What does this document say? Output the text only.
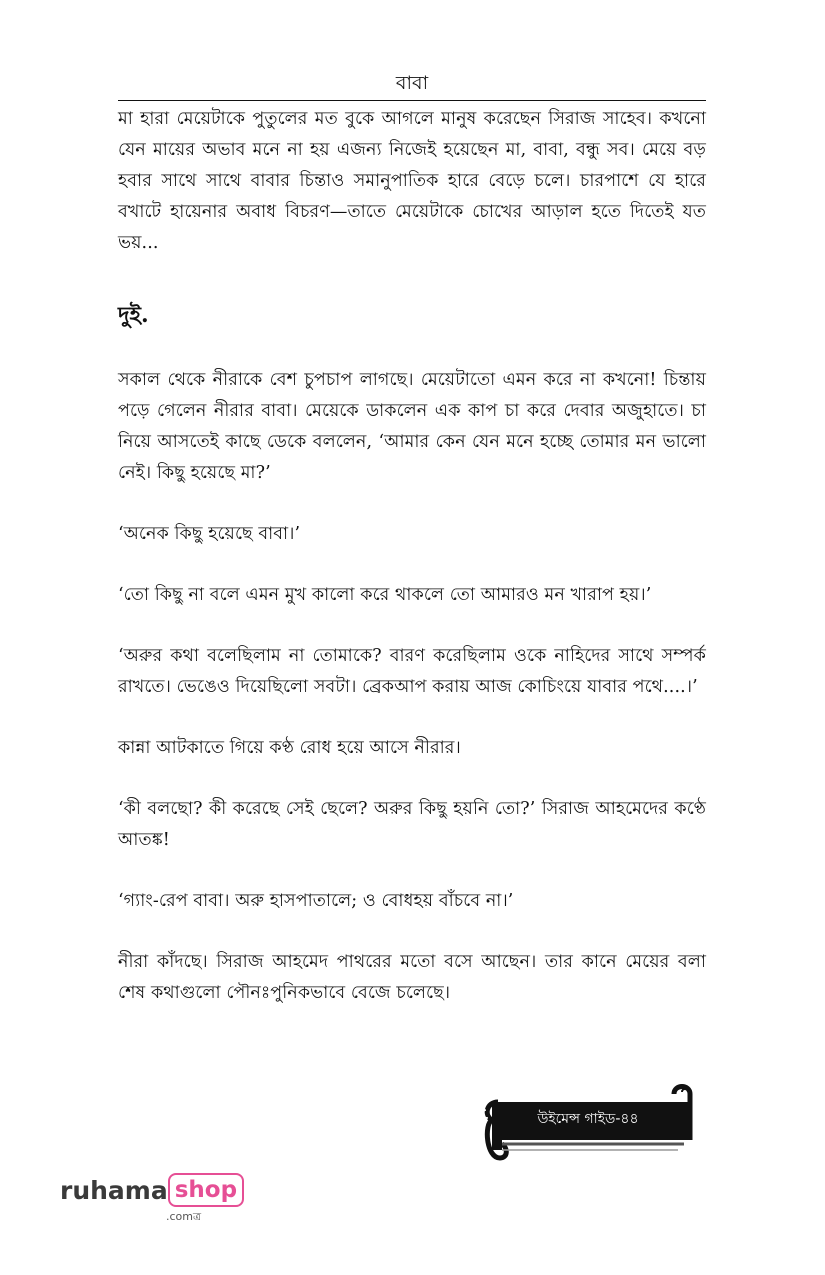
বাবা

মা হারা মেয়েটাকে পুতুলের মত বুকে আগলে মানুষ করেছেন সিরাজ সাহেব। কখনো যেন মায়ের অভাব মনে না হয় এজন্য নিজেই হয়েছেন মা, বাবা, বন্ধু সব। মেয়ে বড় হবার সাথে সাথে বাবার চিন্তাও সমানুপাতিক হারে বেড়ে চলে। চারপাশে যে হারে বখাটে হায়েনার অবাধ বিচরণ—তাতে মেয়েটাকে চোখের আড়াল হতে দিতেই যত ভয়...

দুই.

সকাল থেকে নীরাকে বেশ চুপচাপ লাগছে। মেয়েটাতো এমন করে না কখনো! চিন্তায় পড়ে গেলেন নীরার বাবা। মেয়েকে ডাকলেন এক কাপ চা করে দেবার অজুহাতে। চা নিয়ে আসতেই কাছে ডেকে বললেন, ‘আমার কেন যেন মনে হচ্ছে তোমার মন ভালো নেই। কিছু হয়েছে মা?’

‘অনেক কিছু হয়েছে বাবা।’

‘তো কিছু না বলে এমন মুখ কালো করে থাকলে তো আমারও মন খারাপ হয়।’

‘অরুর কথা বলেছিলাম না তোমাকে? বারণ করেছিলাম ওকে নাহিদের সাথে সম্পর্ক রাখতে। ভেঙেও দিয়েছিলো সবটা। ব্রেকআপ করায় আজ কোচিংয়ে যাবার পথে....।’

কান্না আটকাতে গিয়ে কণ্ঠ রোধ হয়ে আসে নীরার।

‘কী বলছো? কী করেছে সেই ছেলে? অরুর কিছু হয়নি তো?’ সিরাজ আহমেদের কণ্ঠে আতঙ্ক!

‘গ্যাং-রেপ বাবা। অরু হাসপাতালে; ও বোধহয় বাঁচবে না।’

নীরা কাঁদছে। সিরাজ আহমেদ পাথরের মতো বসে আছেন। তার কানে মেয়ের বলা শেষ কথাগুলো পৌনঃপুনিকভাবে বেজে চলেছে।

উইমেন্স গাইড-৪৪
ruhama shop
.comত্র
